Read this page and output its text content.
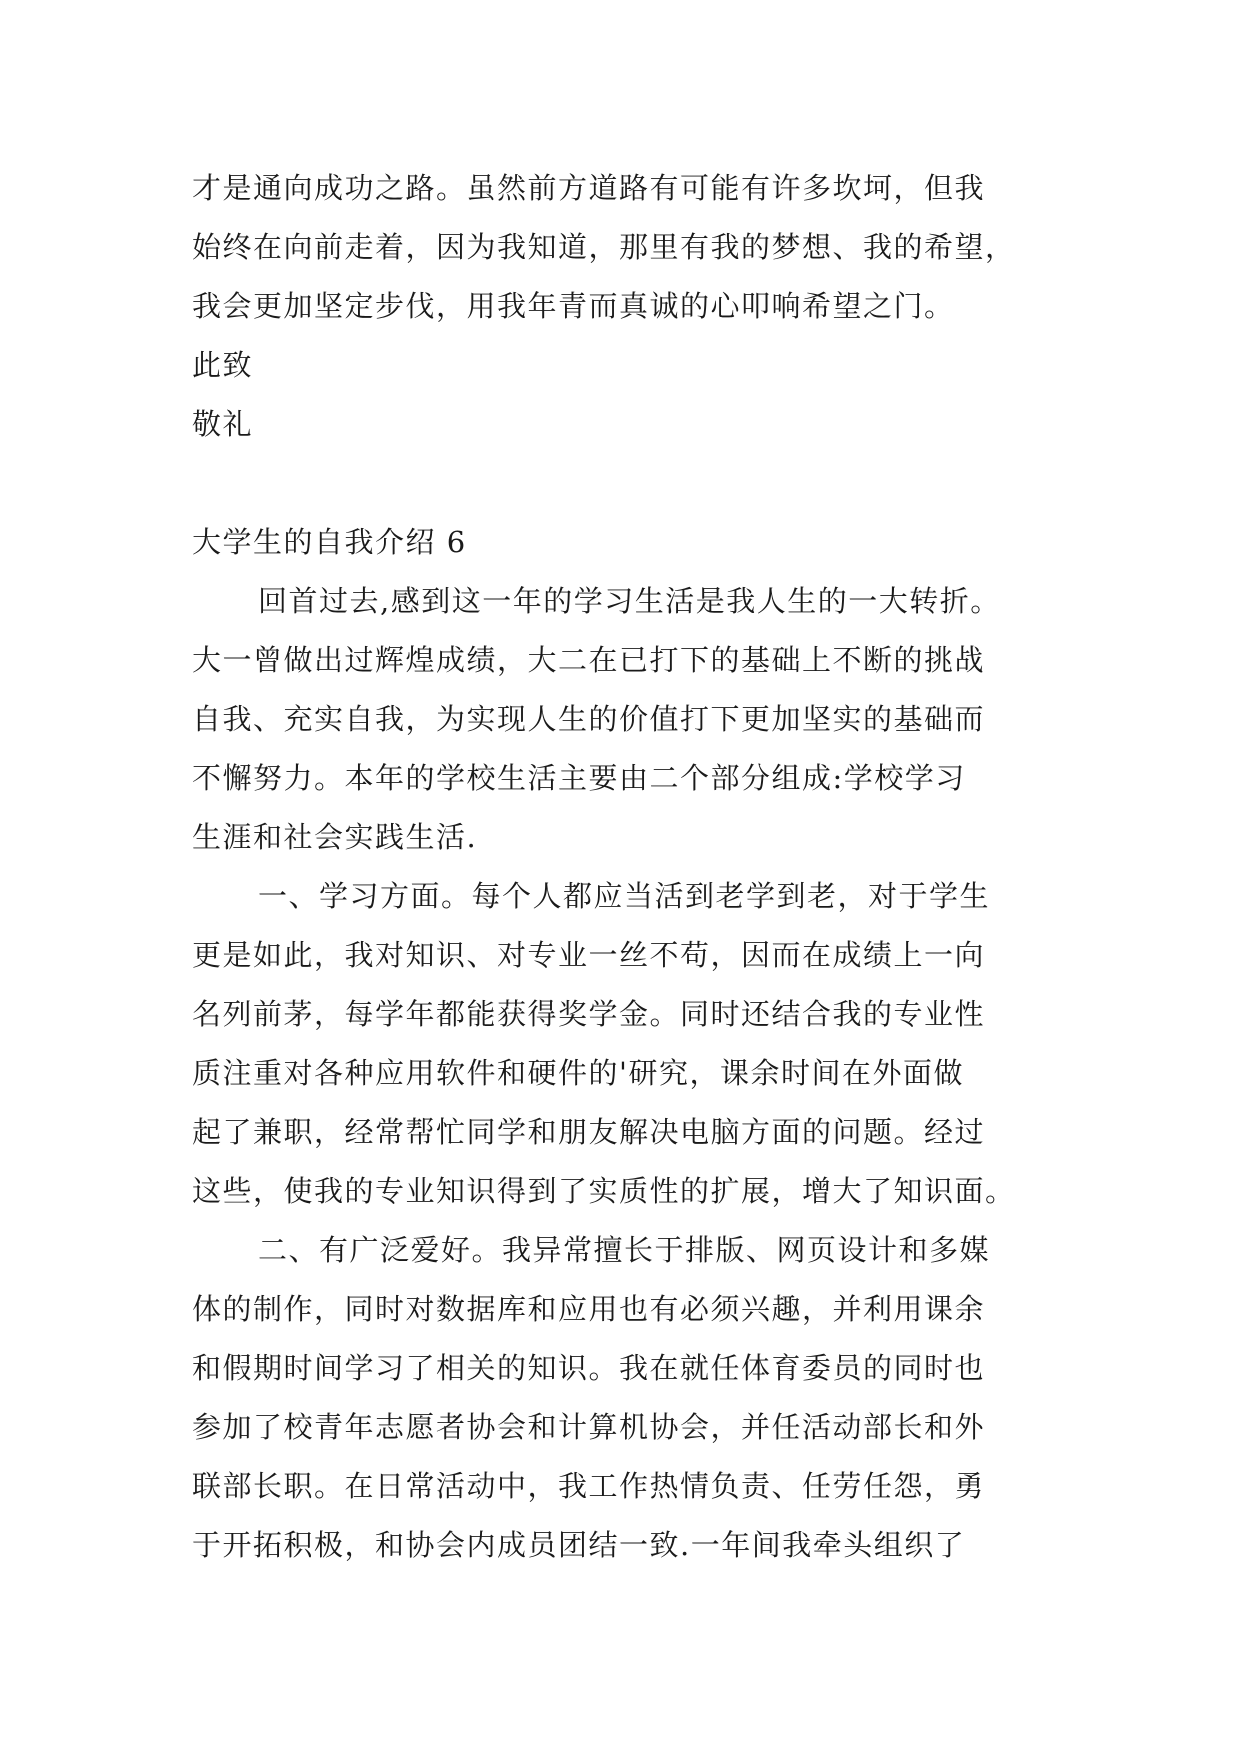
才是通向成功之路。虽然前方道路有可能有许多坎坷，但我
始终在向前走着，因为我知道，那里有我的梦想、我的希望，
我会更加坚定步伐，用我年青而真诚的心叩响希望之门。
此致
敬礼
大学生的自我介绍 6
回首过去,感到这一年的学习生活是我人生的一大转折。
大一曾做出过辉煌成绩，大二在已打下的基础上不断的挑战
自我、充实自我，为实现人生的价值打下更加坚实的基础而
不懈努力。本年的学校生活主要由二个部分组成:学校学习
生涯和社会实践生活.
一、学习方面。每个人都应当活到老学到老，对于学生
更是如此，我对知识、对专业一丝不苟，因而在成绩上一向
名列前茅，每学年都能获得奖学金。同时还结合我的专业性
质注重对各种应用软件和硬件的'研究，课余时间在外面做
起了兼职，经常帮忙同学和朋友解决电脑方面的问题。经过
这些，使我的专业知识得到了实质性的扩展，增大了知识面。
二、有广泛爱好。我异常擅长于排版、网页设计和多媒
体的制作，同时对数据库和应用也有必须兴趣，并利用课余
和假期时间学习了相关的知识。我在就任体育委员的同时也
参加了校青年志愿者协会和计算机协会，并任活动部长和外
联部长职。在日常活动中，我工作热情负责、任劳任怨，勇
于开拓积极，和协会内成员团结一致.一年间我牵头组织了
